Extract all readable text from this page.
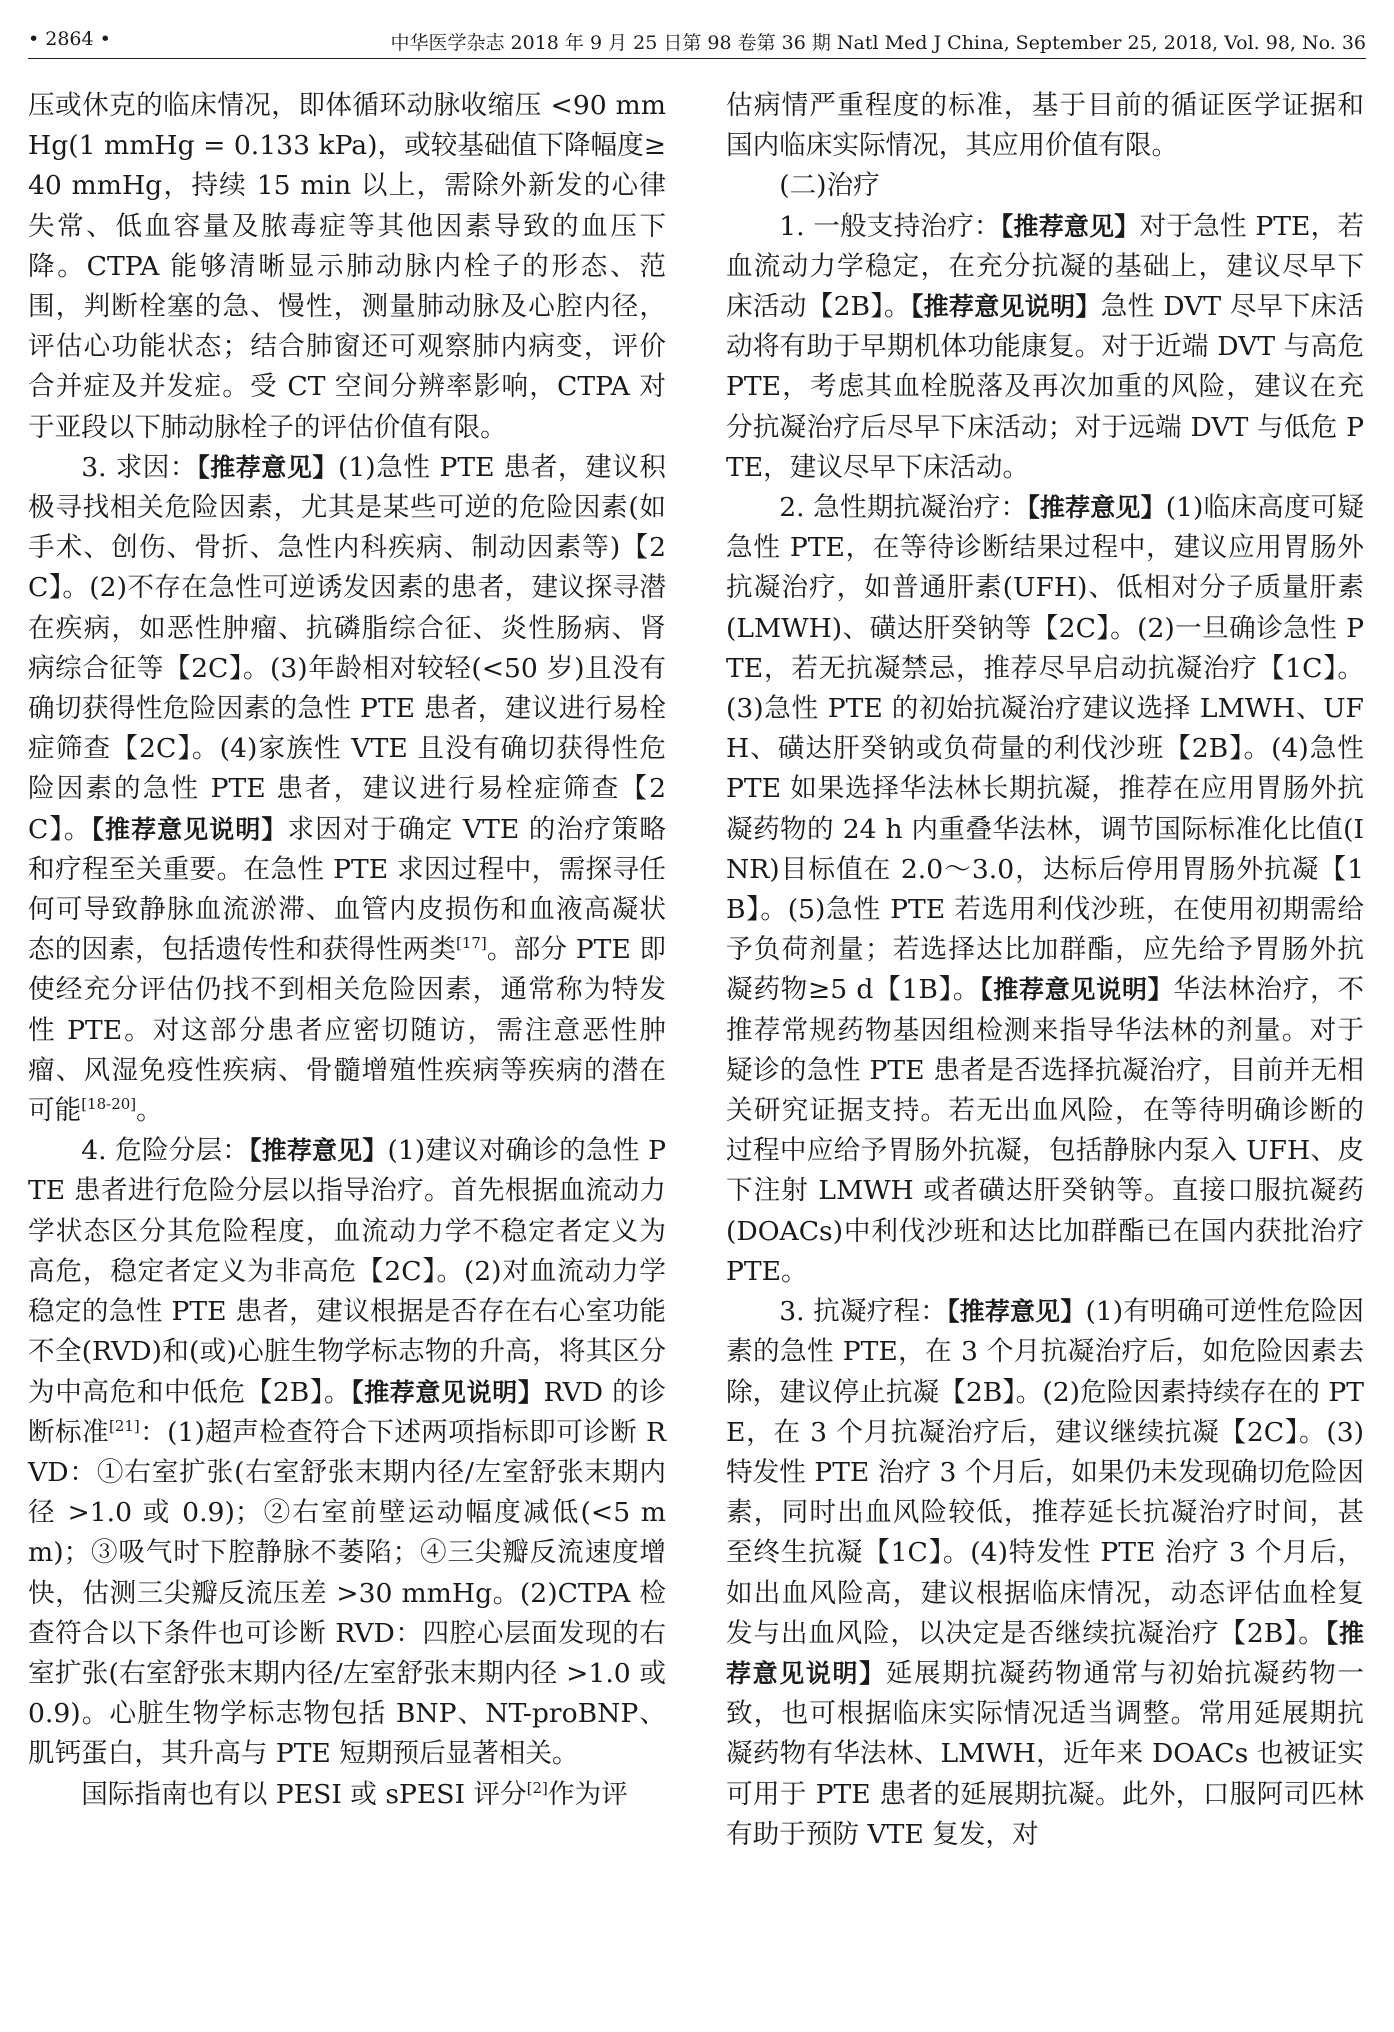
• 2864 •	中华医学杂志 2018 年 9 月 25 日第 98 卷第 36 期 Natl Med J China, September 25, 2018, Vol. 98, No. 36

压或休克的临床情况，即体循环动脉收缩压 <90 mmHg(1 mmHg = 0.133 kPa)，或较基础值下降幅度≥40 mmHg，持续 15 min 以上，需除外新发的心律失常、低血容量及脓毒症等其他因素导致的血压下降。CTPA 能够清晰显示肺动脉内栓子的形态、范围，判断栓塞的急、慢性，测量肺动脉及心腔内径，评估心功能状态；结合肺窗还可观察肺内病变，评价合并症及并发症。受 CT 空间分辨率影响，CTPA 对于亚段以下肺动脉栓子的评估价值有限。

3. 求因：【推荐意见】(1)急性 PTE 患者，建议积极寻找相关危险因素，尤其是某些可逆的危险因素(如手术、创伤、骨折、急性内科疾病、制动因素等)【2C】。(2)不存在急性可逆诱发因素的患者，建议探寻潜在疾病，如恶性肿瘤、抗磷脂综合征、炎性肠病、肾病综合征等【2C】。(3)年龄相对较轻(<50 岁)且没有确切获得性危险因素的急性 PTE 患者，建议进行易栓症筛查【2C】。(4)家族性 VTE 且没有确切获得性危险因素的急性 PTE 患者，建议进行易栓症筛查【2C】。【推荐意见说明】求因对于确定 VTE 的治疗策略和疗程至关重要。在急性 PTE 求因过程中，需探寻任何可导致静脉血流淤滞、血管内皮损伤和血液高凝状态的因素，包括遗传性和获得性两类[17]。部分 PTE 即使经充分评估仍找不到相关危险因素，通常称为特发性 PTE。对这部分患者应密切随访，需注意恶性肿瘤、风湿免疫性疾病、骨髓增殖性疾病等疾病的潜在可能[18-20]。

4. 危险分层：【推荐意见】(1)建议对确诊的急性 PTE 患者进行危险分层以指导治疗。首先根据血流动力学状态区分其危险程度，血流动力学不稳定者定义为高危，稳定者定义为非高危【2C】。(2)对血流动力学稳定的急性 PTE 患者，建议根据是否存在右心室功能不全(RVD)和(或)心脏生物学标志物的升高，将其区分为中高危和中低危【2B】。【推荐意见说明】RVD 的诊断标准[21]：(1)超声检查符合下述两项指标即可诊断 RVD：①右室扩张(右室舒张末期内径/左室舒张末期内径 >1.0 或 0.9)；②右室前壁运动幅度减低(<5 mm)；③吸气时下腔静脉不萎陷；④三尖瓣反流速度增快，估测三尖瓣反流压差 >30 mmHg。(2)CTPA 检查符合以下条件也可诊断 RVD：四腔心层面发现的右室扩张(右室舒张末期内径/左室舒张末期内径 >1.0 或 0.9)。心脏生物学标志物包括 BNP、NT-proBNP、肌钙蛋白，其升高与 PTE 短期预后显著相关。

国际指南也有以 PESI 或 sPESI 评分[2]作为评

估病情严重程度的标准，基于目前的循证医学证据和国内临床实际情况，其应用价值有限。

(二)治疗

1. 一般支持治疗：【推荐意见】对于急性 PTE，若血流动力学稳定，在充分抗凝的基础上，建议尽早下床活动【2B】。【推荐意见说明】急性 DVT 尽早下床活动将有助于早期机体功能康复。对于近端 DVT 与高危 PTE，考虑其血栓脱落及再次加重的风险，建议在充分抗凝治疗后尽早下床活动；对于远端 DVT 与低危 PTE，建议尽早下床活动。

2. 急性期抗凝治疗：【推荐意见】(1)临床高度可疑急性 PTE，在等待诊断结果过程中，建议应用胃肠外抗凝治疗，如普通肝素(UFH)、低相对分子质量肝素(LMWH)、磺达肝癸钠等【2C】。(2)一旦确诊急性 PTE，若无抗凝禁忌，推荐尽早启动抗凝治疗【1C】。(3)急性 PTE 的初始抗凝治疗建议选择 LMWH、UFH、磺达肝癸钠或负荷量的利伐沙班【2B】。(4)急性 PTE 如果选择华法林长期抗凝，推荐在应用胃肠外抗凝药物的 24 h 内重叠华法林，调节国际标准化比值(INR)目标值在 2.0～3.0，达标后停用胃肠外抗凝【1B】。(5)急性 PTE 若选用利伐沙班，在使用初期需给予负荷剂量；若选择达比加群酯，应先给予胃肠外抗凝药物≥5 d【1B】。【推荐意见说明】华法林治疗，不推荐常规药物基因组检测来指导华法林的剂量。对于疑诊的急性 PTE 患者是否选择抗凝治疗，目前并无相关研究证据支持。若无出血风险，在等待明确诊断的过程中应给予胃肠外抗凝，包括静脉内泵入 UFH、皮下注射 LMWH 或者磺达肝癸钠等。直接口服抗凝药(DOACs)中利伐沙班和达比加群酯已在国内获批治疗 PTE。

3. 抗凝疗程：【推荐意见】(1)有明确可逆性危险因素的急性 PTE，在 3 个月抗凝治疗后，如危险因素去除，建议停止抗凝【2B】。(2)危险因素持续存在的 PTE，在 3 个月抗凝治疗后，建议继续抗凝【2C】。(3)特发性 PTE 治疗 3 个月后，如果仍未发现确切危险因素，同时出血风险较低，推荐延长抗凝治疗时间，甚至终生抗凝【1C】。(4)特发性 PTE 治疗 3 个月后，如出血风险高，建议根据临床情况，动态评估血栓复发与出血风险，以决定是否继续抗凝治疗【2B】。【推荐意见说明】延展期抗凝药物通常与初始抗凝药物一致，也可根据临床实际情况适当调整。常用延展期抗凝药物有华法林、LMWH，近年来 DOACs 也被证实可用于 PTE 患者的延展期抗凝。此外，口服阿司匹林有助于预防 VTE 复发，对
